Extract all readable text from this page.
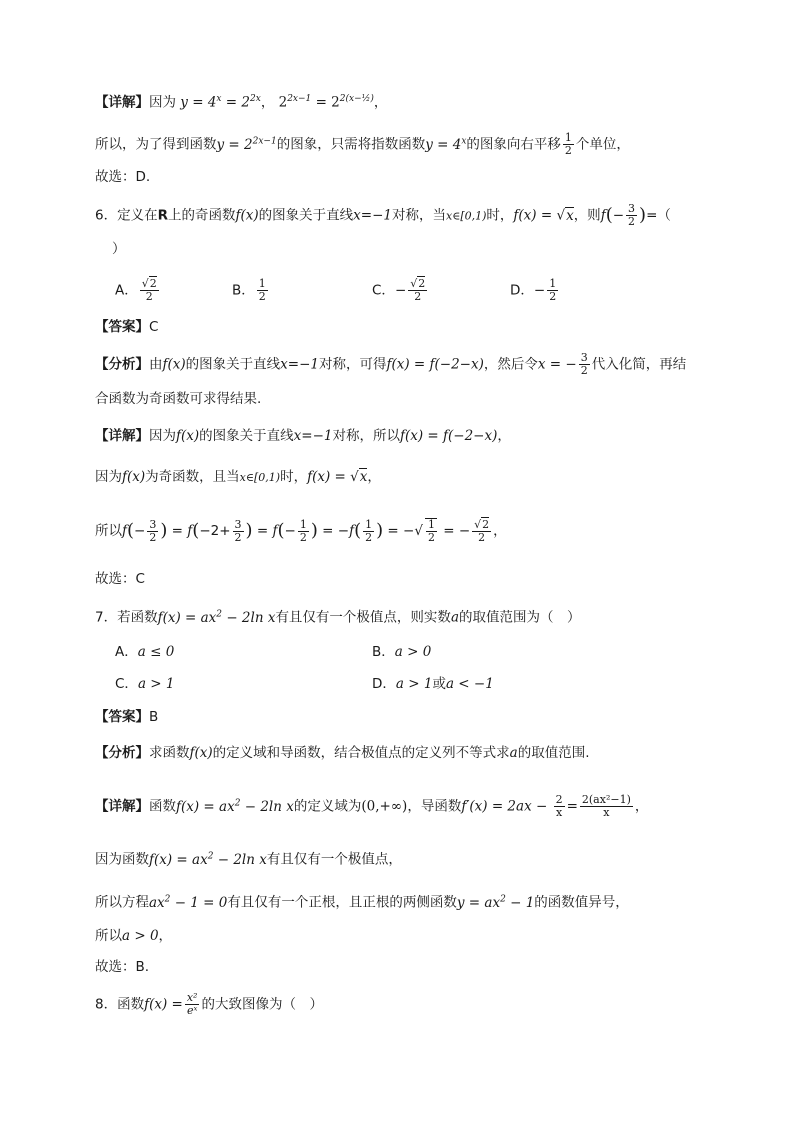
【详解】因为 $y = 4^x = 2^{2x}$， $2^{2x-1} = 2^{2(x-\frac{1}{2})}$，
所以，为了得到函数$y = 2^{2x-1}$的图象，只需将指数函数$y = 4^x$的图象向右平移 $\frac{1}{2}$ 个单位，
故选：D.
6．定义在R上的奇函数f(x)的图象关于直线x=−1对称，当x∈[0,1)时，f(x) = √x，则$f(- \frac{3}{2}$ )=（
）
A． $\frac{√2}{2}$	B． $\frac{1}{2}$	C．− $\frac{√2}{2}$	D．− $\frac{1}{2}$
【答案】C
【分析】由f(x)的图象关于直线x=−1对称，可得f(x) = f(−2−x)，然后令x = − $\frac{3}{2}$ 代入化简，再结
合函数为奇函数可求得结果.
【详解】因为f(x)的图象关于直线x=−1对称，所以f(x) = f(−2−x)，
因为f(x)为奇函数，且当x∈[0,1)时，f(x) = √x，
所以$f(- \frac{3}{2}$ ) = $f(-2+ \frac{3}{2}$ ) = $f(- \frac{1}{2}$ ) = $-f( \frac{1}{2}$ ) = −√ $\frac{1}{2}$ = − $\frac{√2}{2}$ ，
故选：C
7．若函数$f(x) = ax^2 - 2\ln$ x有且仅有一个极值点，则实数a的取值范围为（　）
A．a ≤ 0	B．a > 0
C．a > 1	D．a > 1或a < −1
【答案】B
【分析】求函数f(x)的定义域和导函数，结合极值点的定义列不等式求a的取值范围.
【详解】函数$f(x) = ax^2 - 2\ln$ x的定义域为(0,+∞)，导函数$f'(x) = 2ax - \frac{2}{x} = \frac{\text{2(ax²−1)}}{x}$ ，
因为函数$f(x) = ax^2 - 2\ln$ x有且仅有一个极值点，
所以方程$ax^2 - 1 = 0$有且仅有一个正根，且正根的两侧函数$y = ax^2 - 1$的函数值异号，
所以a > 0，
故选：B.
8．函数$f(x) = \frac{\text{x²}}{\text{eˣ}}$ 的大致图像为（　）
